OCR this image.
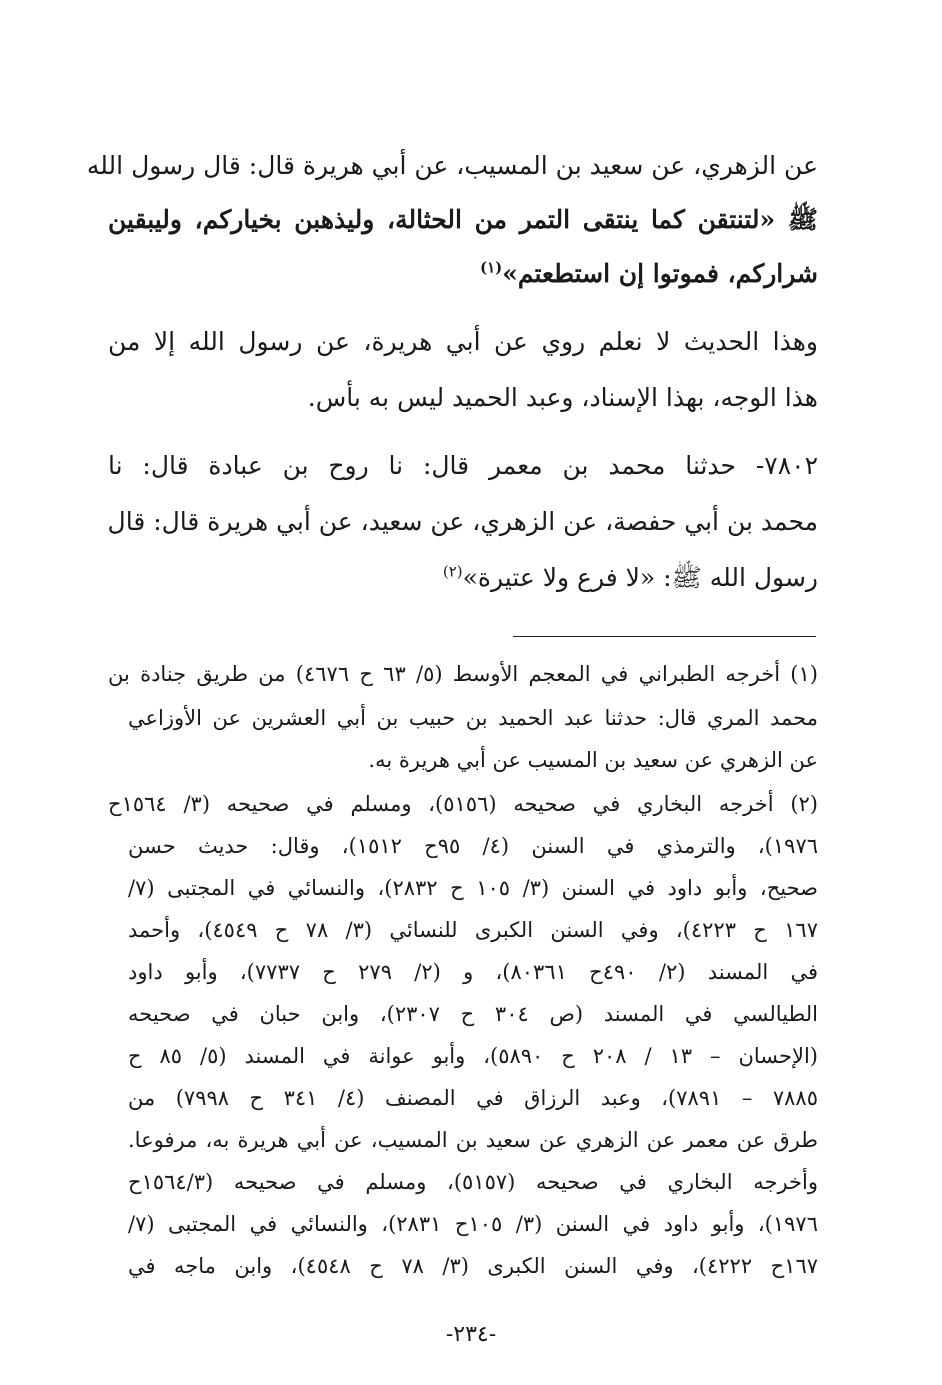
عن الزهري، عن سعيد بن المسيب، عن أبي هريرة قال: قال رسول الله
ﷺ «لتنتقن كما ينتقى التمر من الحثالة، وليذهبن بخياركم، وليبقين
شراركم، فموتوا إن استطعتم»$^{(١)}$
وهذا الحديث لا نعلم روي عن أبي هريرة، عن رسول الله إلا من
هذا الوجه، بهذا الإسناد، وعبد الحميد ليس به بأس.
٧٨٠٢- حدثنا محمد بن معمر قال: نا روح بن عبادة قال: نا
محمد بن أبي حفصة، عن الزهري، عن سعيد، عن أبي هريرة قال: قال
رسول الله ﷺ: «لا فرع ولا عتيرة»$^{(٢)}$
(١) أخرجه الطبراني في المعجم الأوسط (٥/ ٦٣ ح ٤٦٧٦) من طريق جنادة بن
محمد المري قال: حدثنا عبد الحميد بن حبيب بن أبي العشرين عن الأوزاعي
عن الزهري عن سعيد بن المسيب عن أبي هريرة به.
(٢) أخرجه البخاري في صحيحه (٥١٥٦)، ومسلم في صحيحه (٣/ ١٥٦٤ح
١٩٧٦)، والترمذي في السنن (٤/ ٩٥ح ١٥١٢)، وقال: حديث حسن
صحيح، وأبو داود في السنن (٣/ ١٠٥ ح ٢٨٣٢)، والنسائي في المجتبى (٧/
١٦٧ ح ٤٢٢٣)، وفي السنن الكبرى للنسائي (٣/ ٧٨ ح ٤٥٤٩)، وأحمد
في المسند (٢/ ٤٩٠ح ٨٠٣٦١)، و (٢/ ٢٧٩ ح ٧٧٣٧)، وأبو داود
الطيالسي في المسند (ص ٣٠٤ ح ٢٣٠٧)، وابن حبان في صحيحه
(الإحسان – ١٣ / ٢٠٨ ح ٥٨٩٠)، وأبو عوانة في المسند (٥/ ٨٥ ح
٧٨٨٥ – ٧٨٩١)، وعبد الرزاق في المصنف (٤/ ٣٤١ ح ٧٩٩٨) من
طرق عن معمر عن الزهري عن سعيد بن المسيب، عن أبي هريرة به، مرفوعا.
وأخرجه البخاري في صحيحه (٥١٥٧)، ومسلم في صحيحه (١٥٦٤/٣ح
١٩٧٦)، وأبو داود في السنن (٣/ ١٠٥ح ٢٨٣١)، والنسائي في المجتبى (٧/
١٦٧ح ٤٢٢٢)، وفي السنن الكبرى (٣/ ٧٨ ح ٤٥٤٨)، وابن ماجه في
-٢٣٤-
